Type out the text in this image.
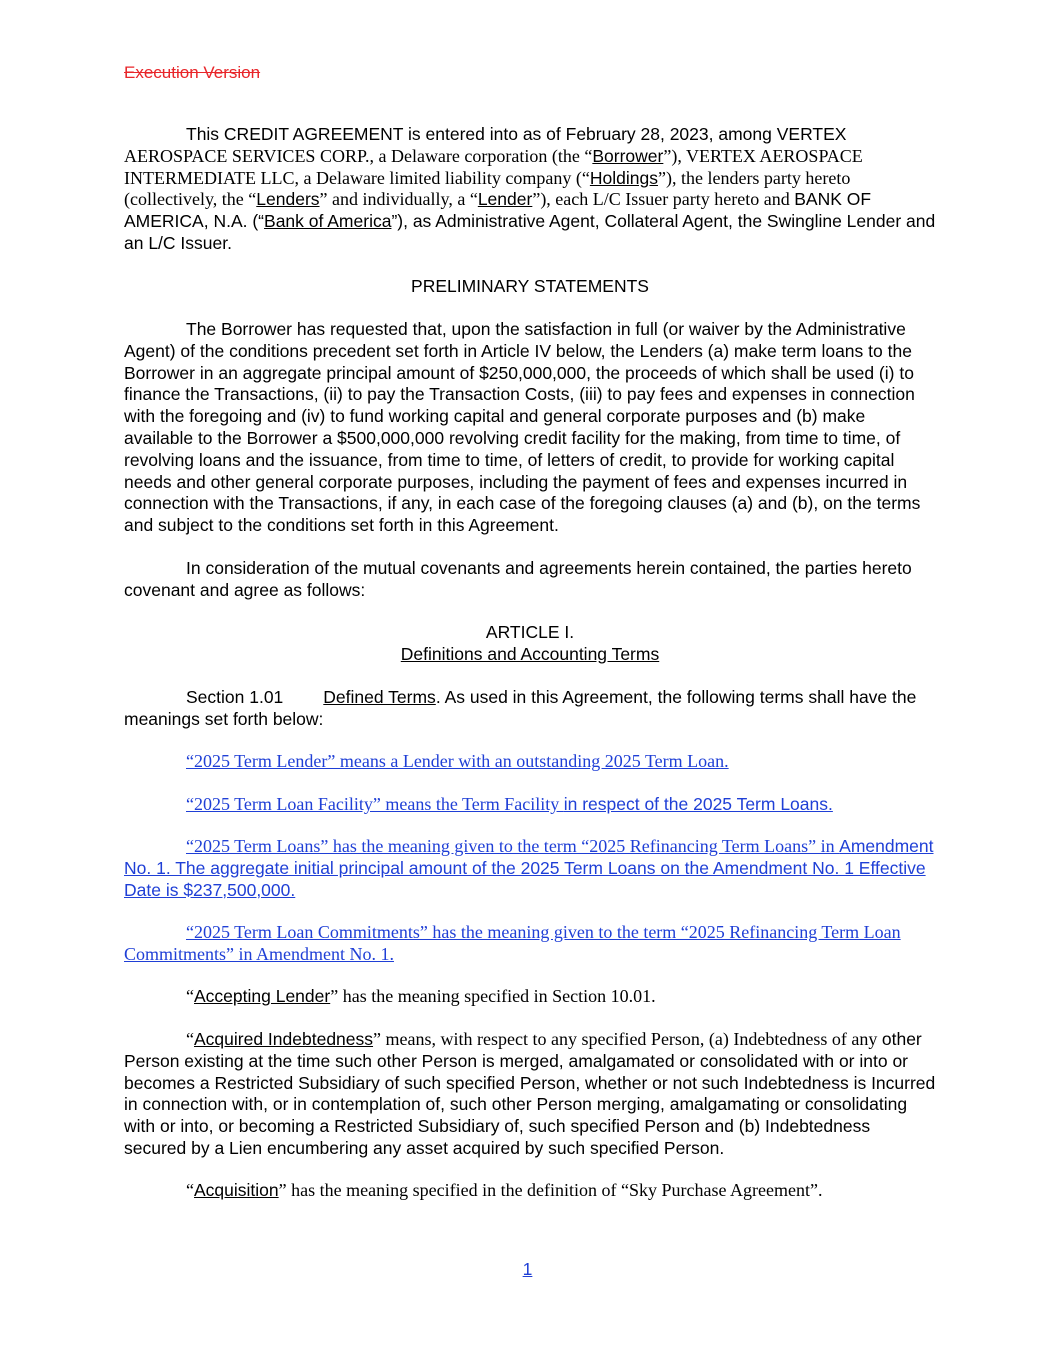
Execution Version
This CREDIT AGREEMENT is entered into as of February 28, 2023, among VERTEX AEROSPACE SERVICES CORP., a Delaware corporation (the “Borrower”), VERTEX AEROSPACE INTERMEDIATE LLC, a Delaware limited liability company (“Holdings”), the lenders party hereto (collectively, the “Lenders” and individually, a “Lender”), each L/C Issuer party hereto and BANK OF AMERICA, N.A. (“Bank of America”), as Administrative Agent, Collateral Agent, the Swingline Lender and an L/C Issuer.
PRELIMINARY STATEMENTS
The Borrower has requested that, upon the satisfaction in full (or waiver by the Administrative Agent) of the conditions precedent set forth in Article IV below, the Lenders (a) make term loans to the Borrower in an aggregate principal amount of $250,000,000, the proceeds of which shall be used (i) to finance the Transactions, (ii) to pay the Transaction Costs, (iii) to pay fees and expenses in connection with the foregoing and (iv) to fund working capital and general corporate purposes and (b) make available to the Borrower a $500,000,000 revolving credit facility for the making, from time to time, of revolving loans and the issuance, from time to time, of letters of credit, to provide for working capital needs and other general corporate purposes, including the payment of fees and expenses incurred in connection with the Transactions, if any, in each case of the foregoing clauses (a) and (b), on the terms and subject to the conditions set forth in this Agreement.
In consideration of the mutual covenants and agreements herein contained, the parties hereto covenant and agree as follows:
ARTICLE I.
Definitions and Accounting Terms
Section 1.01 Defined Terms. As used in this Agreement, the following terms shall have the meanings set forth below:
“2025 Term Lender” means a Lender with an outstanding 2025 Term Loan.
“2025 Term Loan Facility” means the Term Facility in respect of the 2025 Term Loans.
“2025 Term Loans” has the meaning given to the term “2025 Refinancing Term Loans” in Amendment No. 1. The aggregate initial principal amount of the 2025 Term Loans on the Amendment No. 1 Effective Date is $237,500,000.
“2025 Term Loan Commitments” has the meaning given to the term “2025 Refinancing Term Loan Commitments” in Amendment No. 1.
“Accepting Lender” has the meaning specified in Section 10.01.
“Acquired Indebtedness” means, with respect to any specified Person, (a) Indebtedness of any other Person existing at the time such other Person is merged, amalgamated or consolidated with or into or becomes a Restricted Subsidiary of such specified Person, whether or not such Indebtedness is Incurred in connection with, or in contemplation of, such other Person merging, amalgamating or consolidating with or into, or becoming a Restricted Subsidiary of, such specified Person and (b) Indebtedness secured by a Lien encumbering any asset acquired by such specified Person.
“Acquisition” has the meaning specified in the definition of “Sky Purchase Agreement”.
1
